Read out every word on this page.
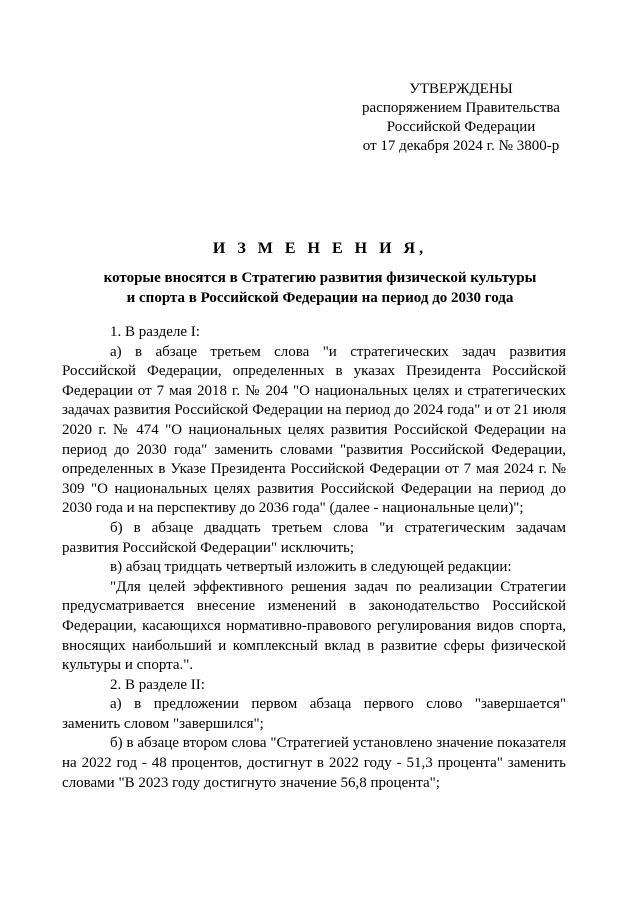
УТВЕРЖДЕНЫ
распоряжением Правительства
Российской Федерации
от 17 декабря 2024 г. № 3800-р
И З М Е Н Е Н И Я,
которые вносятся в Стратегию развития физической культуры
и спорта в Российской Федерации на период до 2030 года

1. В разделе I:

а) в абзаце третьем слова "и стратегических задач развития Российской Федерации, определенных в указах Президента Российской Федерации от 7 мая 2018 г. № 204 "О национальных целях и стратегических задачах развития Российской Федерации на период до 2024 года" и от 21 июля 2020 г. № 474 "О национальных целях развития Российской Федерации на период до 2030 года" заменить словами "развития Российской Федерации, определенных в Указе Президента Российской Федерации от 7 мая 2024 г. № 309 "О национальных целях развития Российской Федерации на период до 2030 года и на перспективу до 2036 года" (далее - национальные цели)";

б) в абзаце двадцать третьем слова "и стратегическим задачам развития Российской Федерации" исключить;

в) абзац тридцать четвертый изложить в следующей редакции:

"Для целей эффективного решения задач по реализации Стратегии предусматривается внесение изменений в законодательство Российской Федерации, касающихся нормативно-правового регулирования видов спорта, вносящих наибольший и комплексный вклад в развитие сферы физической культуры и спорта.".

2. В разделе II:

а) в предложении первом абзаца первого слово "завершается" заменить словом "завершился";

б) в абзаце втором слова "Стратегией установлено значение показателя на 2022 год - 48 процентов, достигнут в 2022 году - 51,3 процента" заменить словами "В 2023 году достигнуто значение 56,8 процента";
